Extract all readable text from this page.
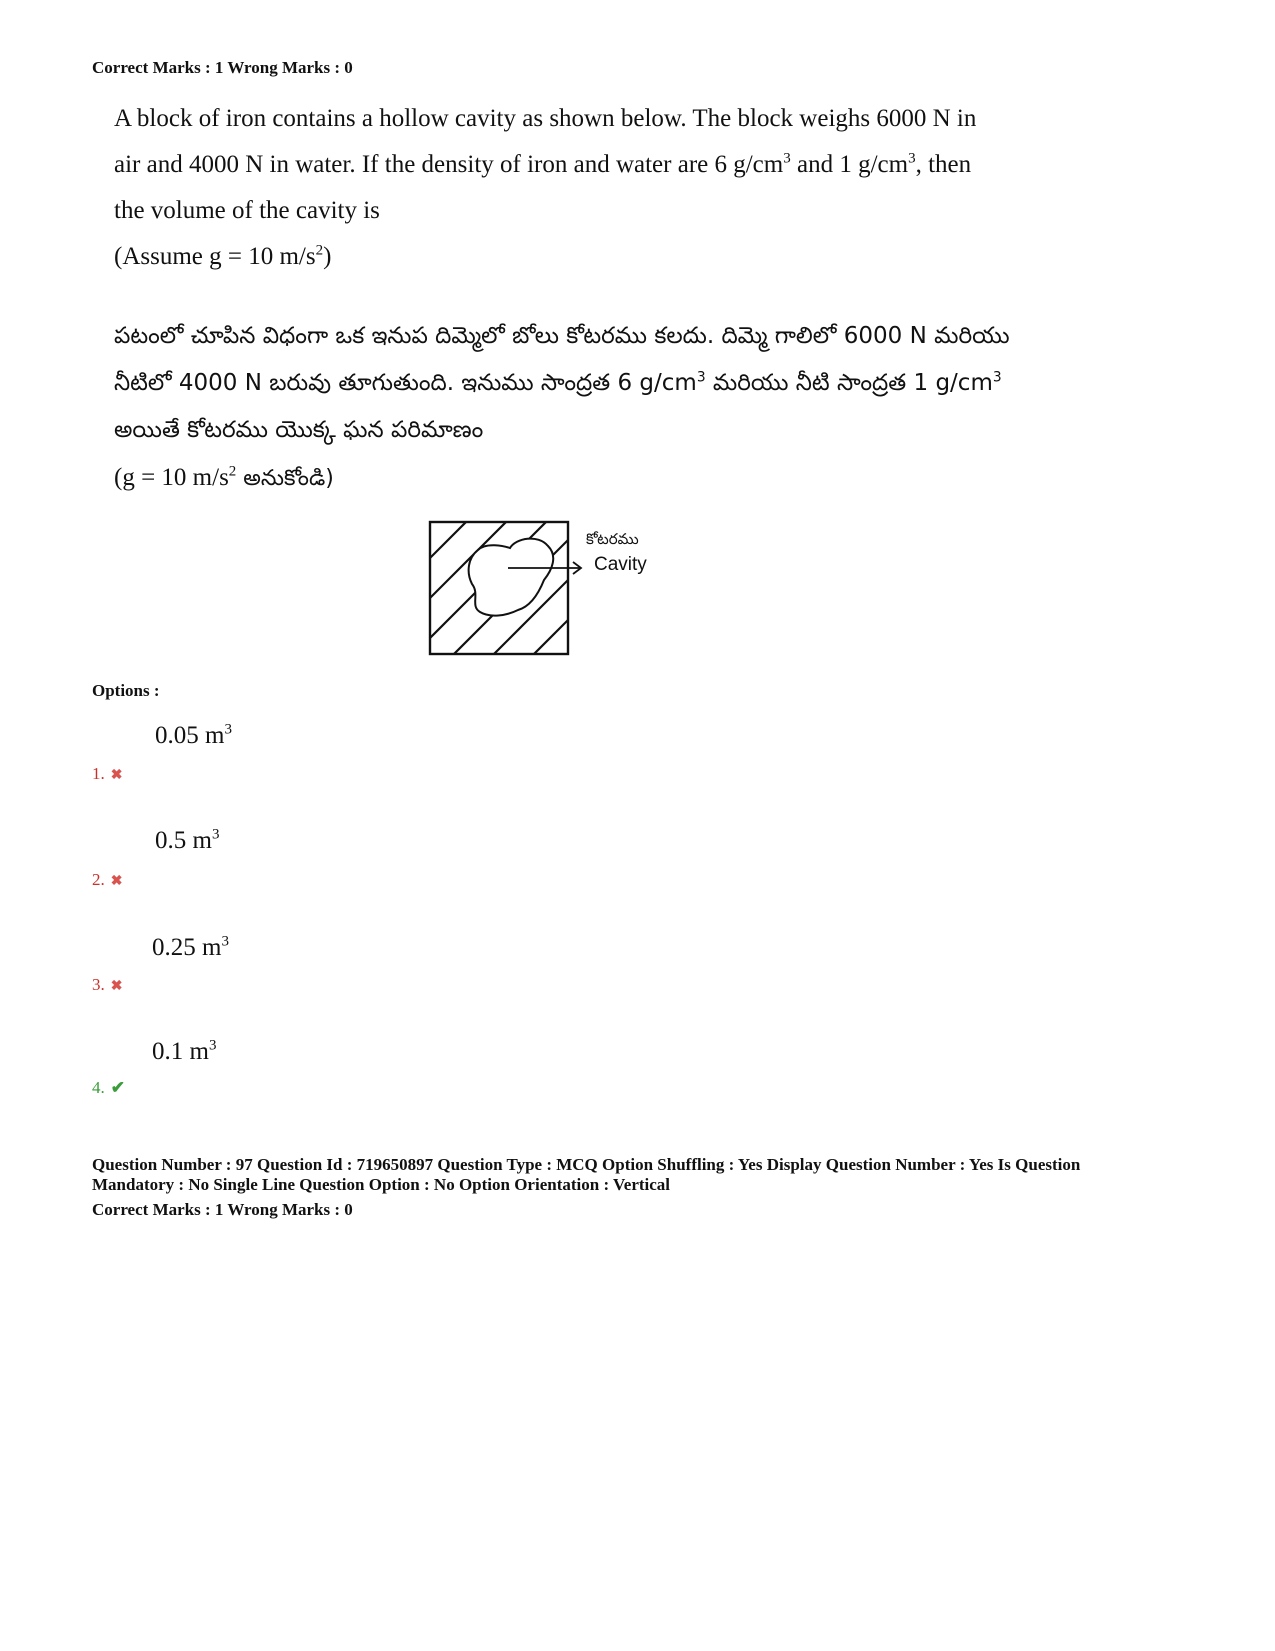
Correct Marks : 1 Wrong Marks : 0
A block of iron contains a hollow cavity as shown below. The block weighs 6000 N in
air and 4000 N in water. If the density of iron and water are 6 $g/cm^3$ and 1 $g/cm^3$, then
the volume of the cavity is
(Assume g = 10 $m/s^2$)
పటంలో చూపిన విధంగా ఒక ఇనుప దిమ్మెలో బోలు కోటరము కలదు. దిమ్మె గాలిలో 6000 N మరియు
నీటిలో 4000 N బరువు తూగుతుంది. ఇనుము సాంద్రత 6 $g/cm^3$ మరియు నీటి సాంద్రత 1 $g/cm^3$
అయితే కోటరము యొక్క ఘన పరిమాణం
(g = 10 $m/s^2$ అనుకోండి)
కోటరము
Cavity
Options :
0.05 $m^3$
1. ✖
0.5 $m^3$
2. ✖
0.25 $m^3$
3. ✖
0.1 $m^3$
4. ✔
Question Number : 97 Question Id : 719650897 Question Type : MCQ Option Shuffling : Yes Display Question Number : Yes Is Question
Mandatory : No Single Line Question Option : No Option Orientation : Vertical
Correct Marks : 1 Wrong Marks : 0
